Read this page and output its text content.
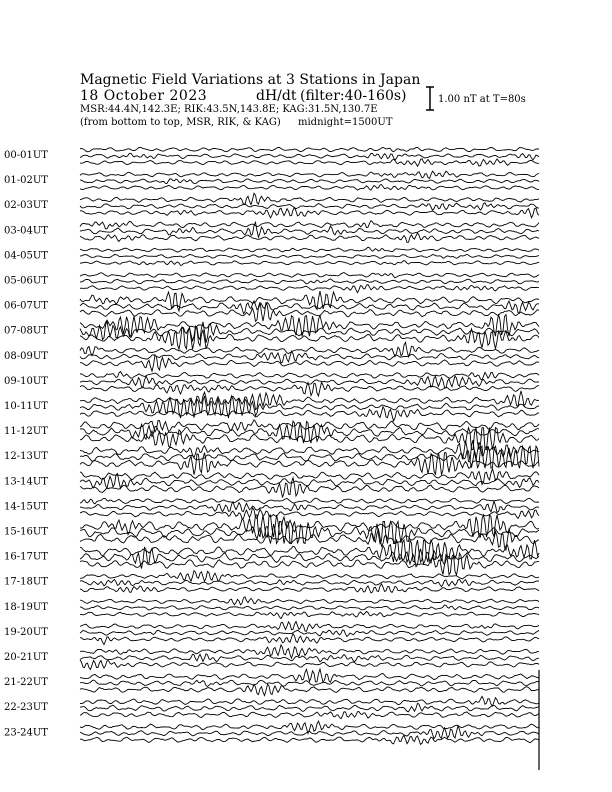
Magnetic Field Variations at 3 Stations in Japan
18 October 2023	dH/dt (filter:40-160s)
MSR:44.4N,142.3E; RIK:43.5N,143.8E; KAG:31.5N,130.7E
(from bottom to top, MSR, RIK, & KAG) midnight=1500UT
1.00 nT at T=80s
00-01UT
01-02UT
02-03UT
03-04UT
04-05UT
05-06UT
06-07UT
07-08UT
08-09UT
09-10UT
10-11UT
11-12UT
12-13UT
13-14UT
14-15UT
15-16UT
16-17UT
17-18UT
18-19UT
19-20UT
20-21UT
21-22UT
22-23UT
23-24UT
